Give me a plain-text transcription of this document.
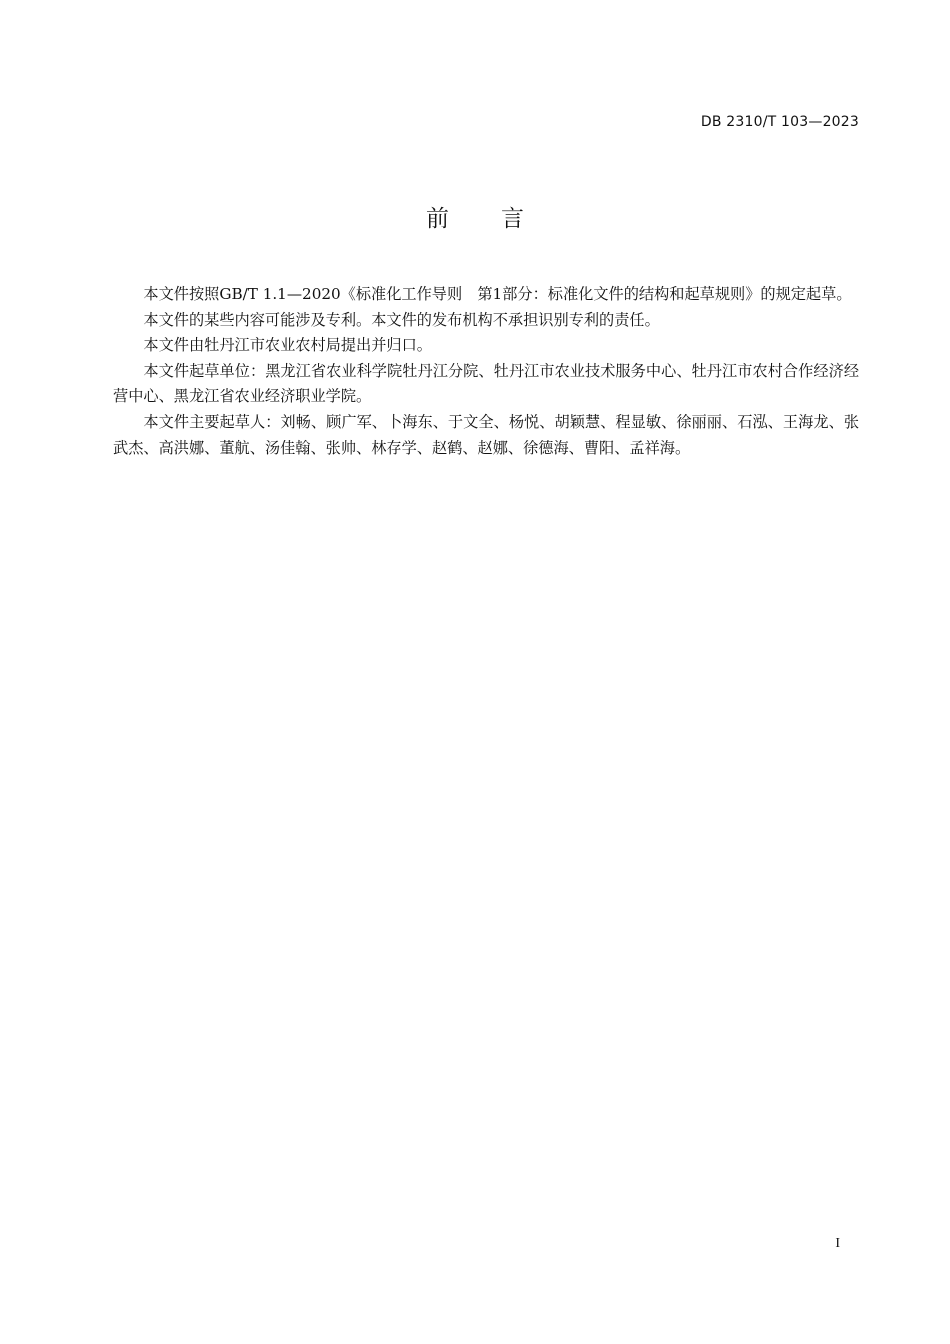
DB 2310/T 103—2023
前 言

本文件按照GB/T 1.1—2020《标准化工作导则　第1部分：标准化文件的结构和起草规则》的规定起草。

本文件的某些内容可能涉及专利。本文件的发布机构不承担识别专利的责任。

本文件由牡丹江市农业农村局提出并归口。

本文件起草单位：黑龙江省农业科学院牡丹江分院、牡丹江市农业技术服务中心、牡丹江市农村合作经济经营中心、黑龙江省农业经济职业学院。

本文件主要起草人：刘畅、顾广军、卜海东、于文全、杨悦、胡颖慧、程显敏、徐丽丽、石泓、王海龙、张武杰、高洪娜、董航、汤佳翰、张帅、林存学、赵鹤、赵娜、徐德海、曹阳、孟祥海。

I
